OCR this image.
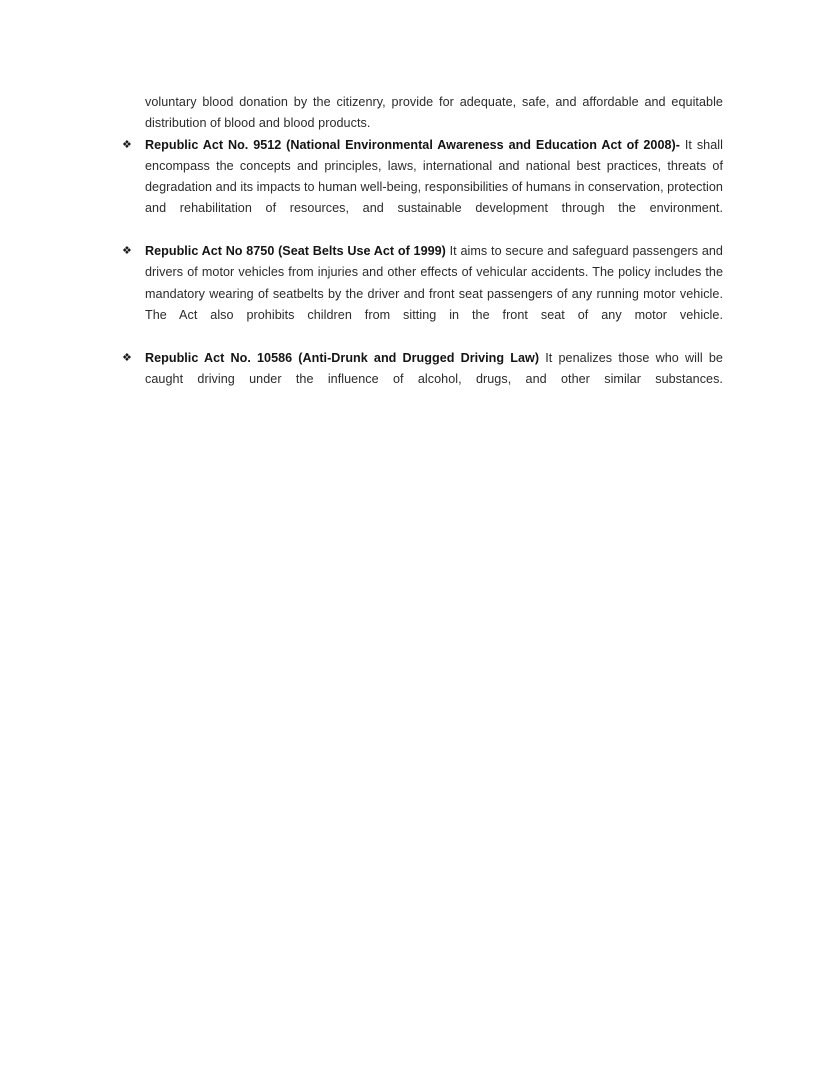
voluntary blood donation by the citizenry, provide for adequate, safe, and affordable and equitable distribution of blood and blood products.

❖ Republic Act No. 9512 (National Environmental Awareness and Education Act of 2008)- It shall encompass the concepts and principles, laws, international and national best practices, threats of degradation and its impacts to human well-being, responsibilities of humans in conservation, protection and rehabilitation of resources, and sustainable development through the environment.
❖ Republic Act No 8750 (Seat Belts Use Act of 1999) It aims to secure and safeguard passengers and drivers of motor vehicles from injuries and other effects of vehicular accidents. The policy includes the mandatory wearing of seatbelts by the driver and front seat passengers of any running motor vehicle. The Act also prohibits children from sitting in the front seat of any motor vehicle.
❖ Republic Act No. 10586 (Anti-Drunk and Drugged Driving Law) It penalizes those who will be caught driving under the influence of alcohol, drugs, and other similar substances.
